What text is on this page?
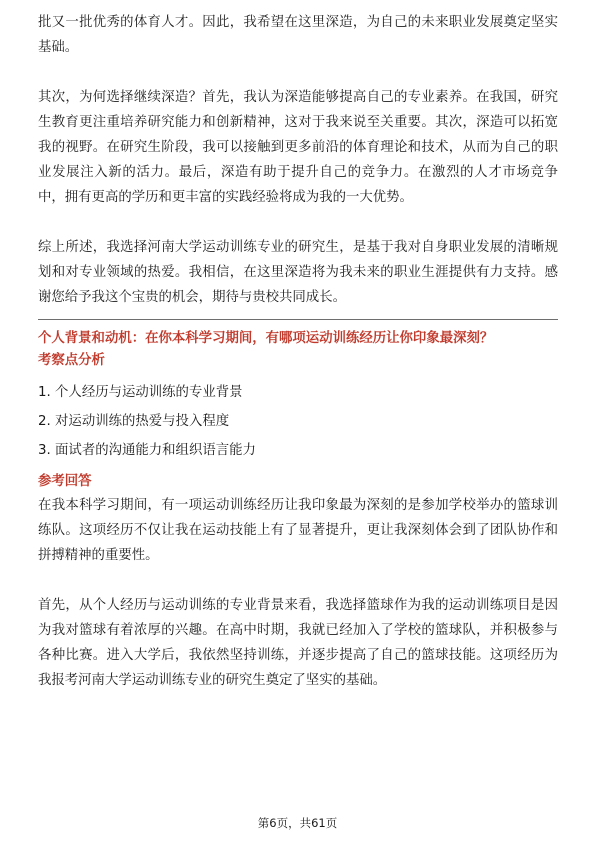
批又一批优秀的体育人才。因此，我希望在这里深造，为自己的未来职业发展奠定坚实基础。

其次，为何选择继续深造？首先，我认为深造能够提高自己的专业素养。在我国，研究生教育更注重培养研究能力和创新精神，这对于我来说至关重要。其次，深造可以拓宽我的视野。在研究生阶段，我可以接触到更多前沿的体育理论和技术，从而为自己的职业发展注入新的活力。最后，深造有助于提升自己的竞争力。在激烈的人才市场竞争中，拥有更高的学历和更丰富的实践经验将成为我的一大优势。

综上所述，我选择河南大学运动训练专业的研究生，是基于我对自身职业发展的清晰规划和对专业领域的热爱。我相信，在这里深造将为我未来的职业生涯提供有力支持。感谢您给予我这个宝贵的机会，期待与贵校共同成长。

个人背景和动机：在你本科学习期间，有哪项运动训练经历让你印象最深刻？
考察点分析
1. 个人经历与运动训练的专业背景
2. 对运动训练的热爱与投入程度
3. 面试者的沟通能力和组织语言能力
参考回答

在我本科学习期间，有一项运动训练经历让我印象最为深刻的是参加学校举办的篮球训练队。这项经历不仅让我在运动技能上有了显著提升，更让我深刻体会到了团队协作和拼搏精神的重要性。

首先，从个人经历与运动训练的专业背景来看，我选择篮球作为我的运动训练项目是因为我对篮球有着浓厚的兴趣。在高中时期，我就已经加入了学校的篮球队，并积极参与各种比赛。进入大学后，我依然坚持训练，并逐步提高了自己的篮球技能。这项经历为我报考河南大学运动训练专业的研究生奠定了坚实的基础。

第6页，共61页
